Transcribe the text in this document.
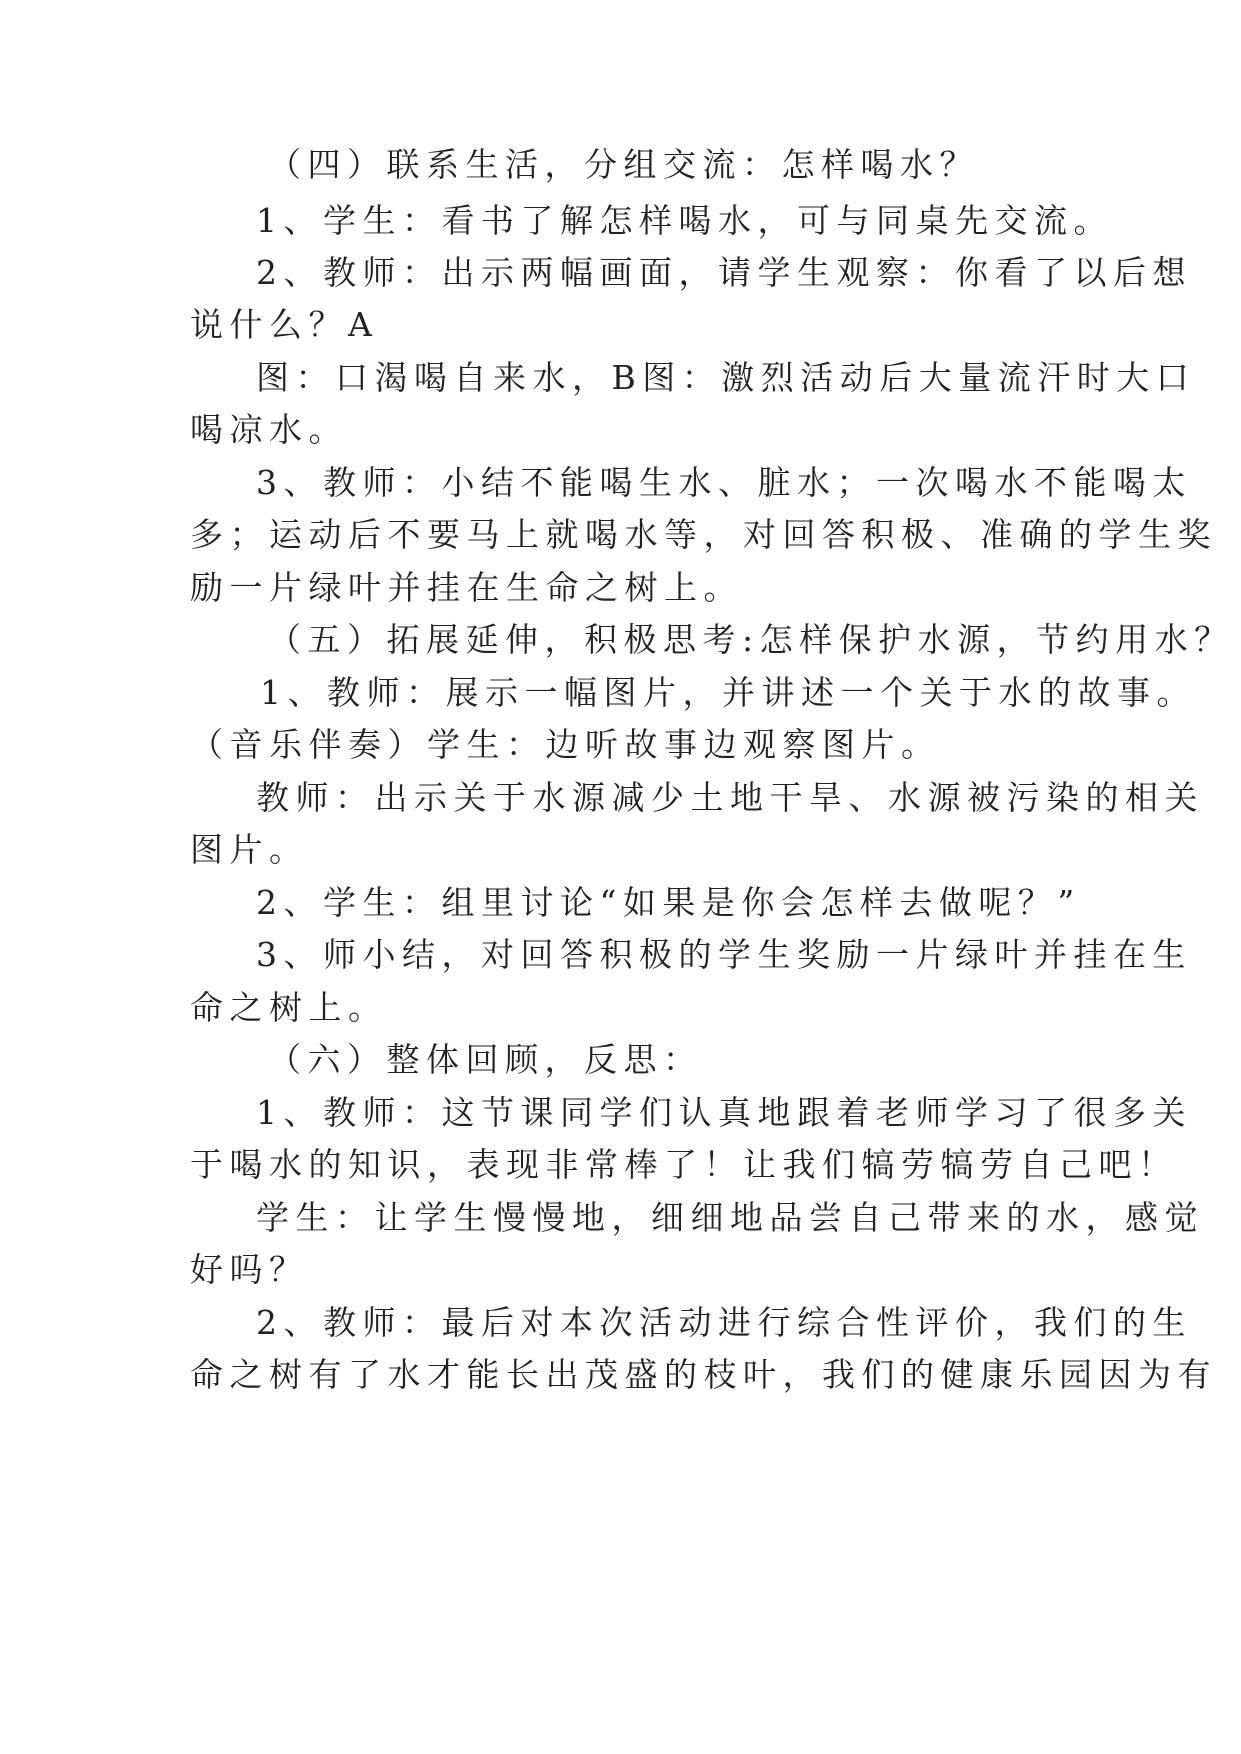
（四）联系生活，分组交流：怎样喝水？
1、学生：看书了解怎样喝水，可与同桌先交流。
2、教师：出示两幅画面，请学生观察：你看了以后想
说什么？A
图：口渴喝自来水，B图：激烈活动后大量流汗时大口
喝凉水。
3、教师：小结不能喝生水、脏水；一次喝水不能喝太
多；运动后不要马上就喝水等，对回答积极、准确的学生奖
励一片绿叶并挂在生命之树上。
（五）拓展延伸，积极思考:怎样保护水源，节约用水？
1、教师：展示一幅图片，并讲述一个关于水的故事。
（音乐伴奏）学生：边听故事边观察图片。
教师：出示关于水源减少土地干旱、水源被污染的相关
图片。
2、学生：组里讨论“如果是你会怎样去做呢？”
3、师小结，对回答积极的学生奖励一片绿叶并挂在生
命之树上。
（六）整体回顾，反思：
1、教师：这节课同学们认真地跟着老师学习了很多关
于喝水的知识，表现非常棒了！让我们犒劳犒劳自己吧！
学生：让学生慢慢地，细细地品尝自己带来的水，感觉
好吗？
2、教师：最后对本次活动进行综合性评价，我们的生
命之树有了水才能长出茂盛的枝叶，我们的健康乐园因为有
